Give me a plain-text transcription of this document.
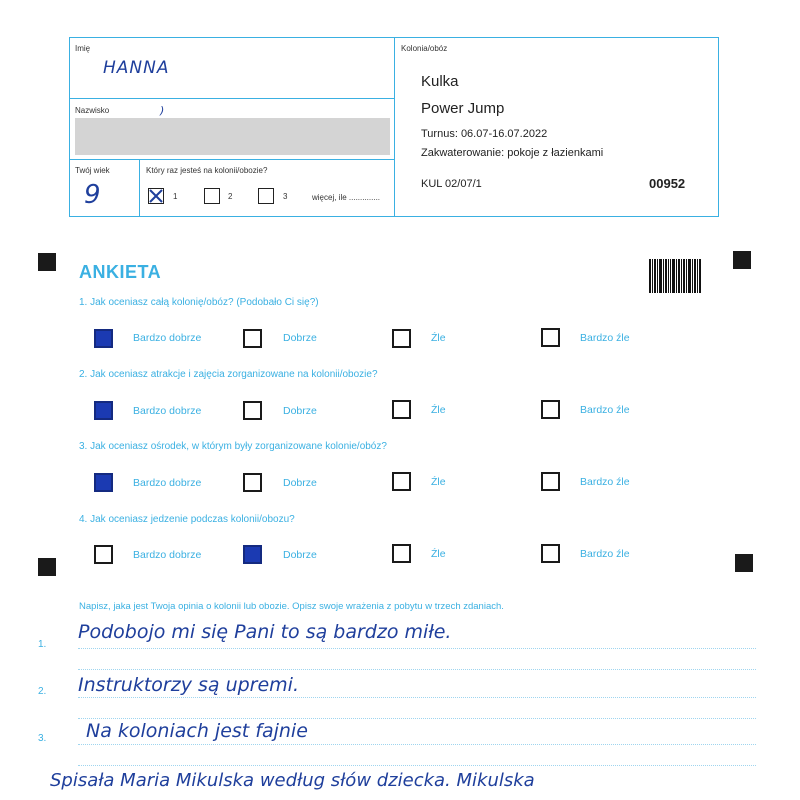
Imię
HANNA
Nazwisko	)
Twój wiek
9
Który raz jesteś na kolonii/obozie?
1	2	3	więcej, ile ..............
Kolonia/obóz
Kulka
Power Jump
Turnus: 06.07-16.07.2022
Zakwaterowanie: pokoje z łazienkami
KUL 02/07/1	00952
ANKIETA
1. Jak oceniasz całą kolonię/obóz? (Podobało Ci się?)
Bardzo dobrze	Dobrze	Źle	Bardzo źle
2. Jak oceniasz atrakcje i zajęcia zorganizowane na kolonii/obozie?
Bardzo dobrze	Dobrze	Źle	Bardzo źle
3. Jak oceniasz ośrodek, w którym były zorganizowane kolonie/obóz?
Bardzo dobrze	Dobrze	Źle	Bardzo źle
4. Jak oceniasz jedzenie podczas kolonii/obozu?
Bardzo dobrze	Dobrze	Źle	Bardzo źle
Napisz, jaka jest Twoja opinia o kolonii lub obozie. Opisz swoje wrażenia z pobytu w trzech zdaniach.
1.
Podobojo mi się Pani to są bardzo miłe.
2. Instruktorzy są upremi.
3. Na koloniach jest fajnie
Spisała Maria Mikulska według słów dziecka. Mikulska
